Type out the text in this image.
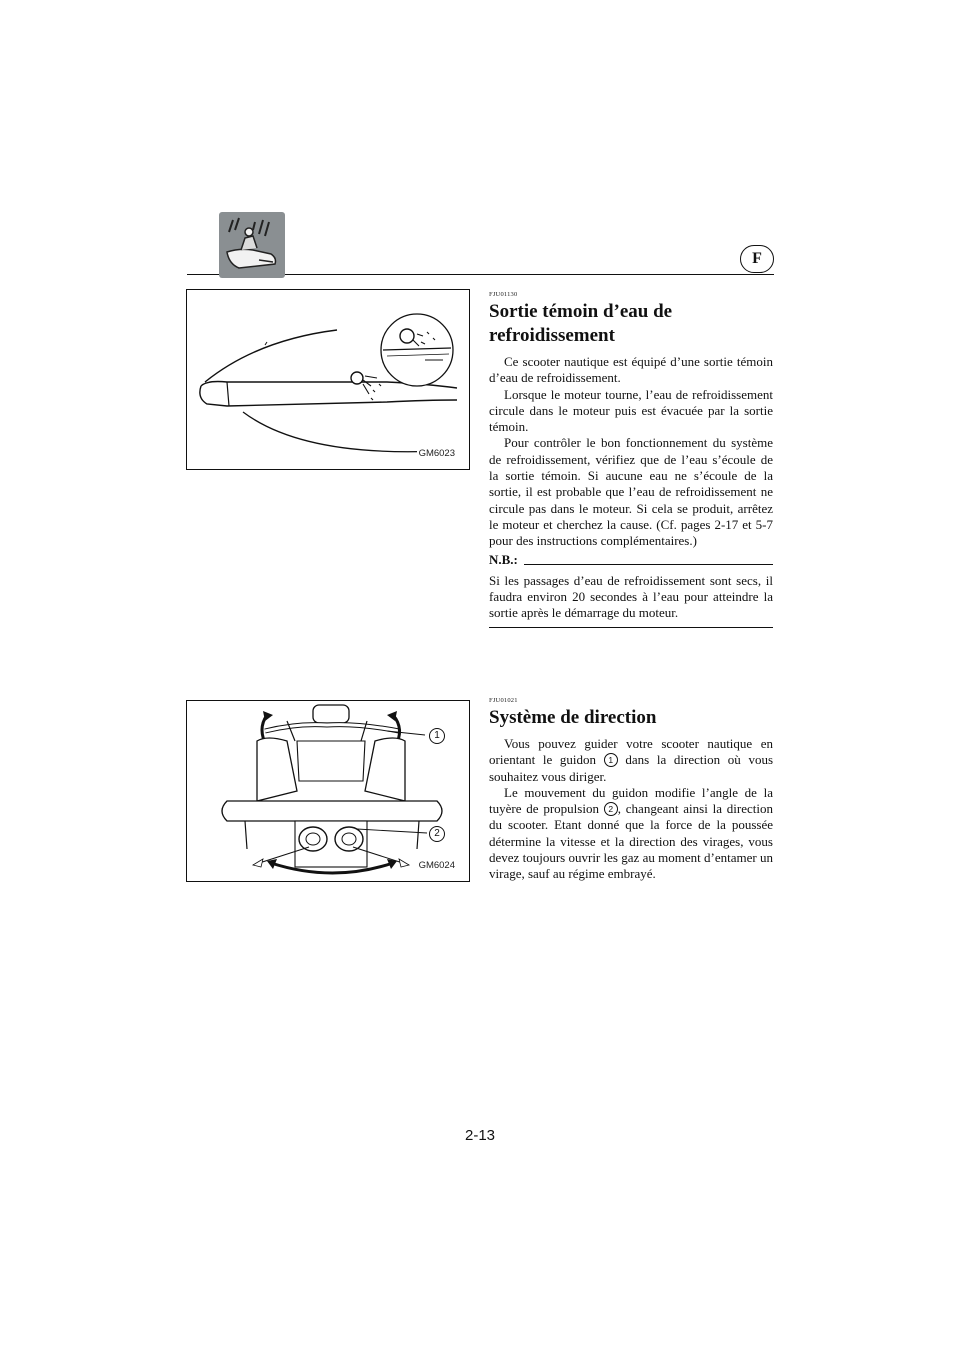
F
GM6023
FJU01130
Sortie témoin d’eau de refroidissement

Ce scooter nautique est équipé d’une sortie témoin d’eau de refroidissement.

Lorsque le moteur tourne, l’eau de refroidissement circule dans le moteur puis est évacuée par la sortie témoin.

Pour contrôler le bon fonctionnement du système de refroidissement, vérifiez que de l’eau s’écoule de la sortie témoin. Si aucune eau ne s’écoule de la sortie, il est probable que l’eau de refroidissement ne circule pas dans le moteur. Si cela se produit, arrêtez le moteur et cherchez la cause. (Cf. pages 2-17 et 5-7 pour des instructions complémentaires.)

N.B.:

Si les passages d’eau de refroidissement sont secs, il faudra environ 20 secondes à l’eau pour atteindre la sortie après le démarrage du moteur.

1
2
GM6024
FJU01021
Système de direction

Vous pouvez guider votre scooter nautique en orientant le guidon 1 dans la direction où vous souhaitez vous diriger.

Le mouvement du guidon modifie l’angle de la tuyère de propulsion 2 , changeant ainsi la direction du scooter. Etant donné que la force de la poussée détermine la vitesse et la direction des virages, vous devez toujours ouvrir les gaz au moment d’entamer un virage, sauf au régime embrayé.

2-13
